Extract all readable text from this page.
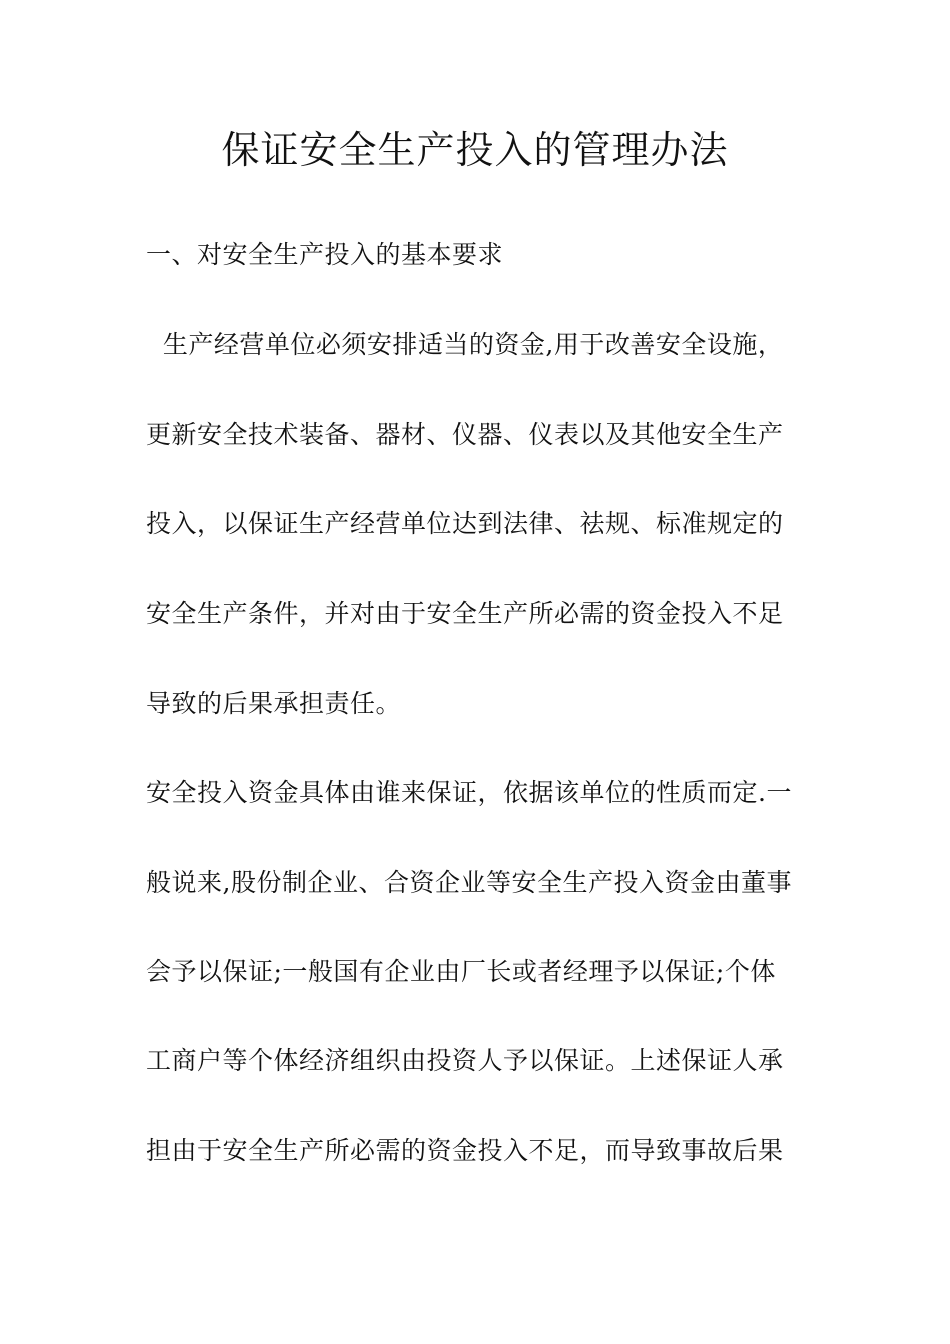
保证安全生产投入的管理办法
一、对安全生产投入的基本要求
生产经营单位必须安排适当的资金,用于改善安全设施，
更新安全技术装备、器材、仪器、仪表以及其他安全生产
投入，以保证生产经营单位达到法律、祛规、标准规定的
安全生产条件，并对由于安全生产所必需的资金投入不足
导致的后果承担责任。
安全投入资金具体由谁来保证，依据该单位的性质而定.一
般说来,股份制企业、合资企业等安全生产投入资金由董事
会予以保证;一般国有企业由厂长或者经理予以保证;个体
工商户等个体经济组织由投资人予以保证。上述保证人承
担由于安全生产所必需的资金投入不足，而导致事故后果
